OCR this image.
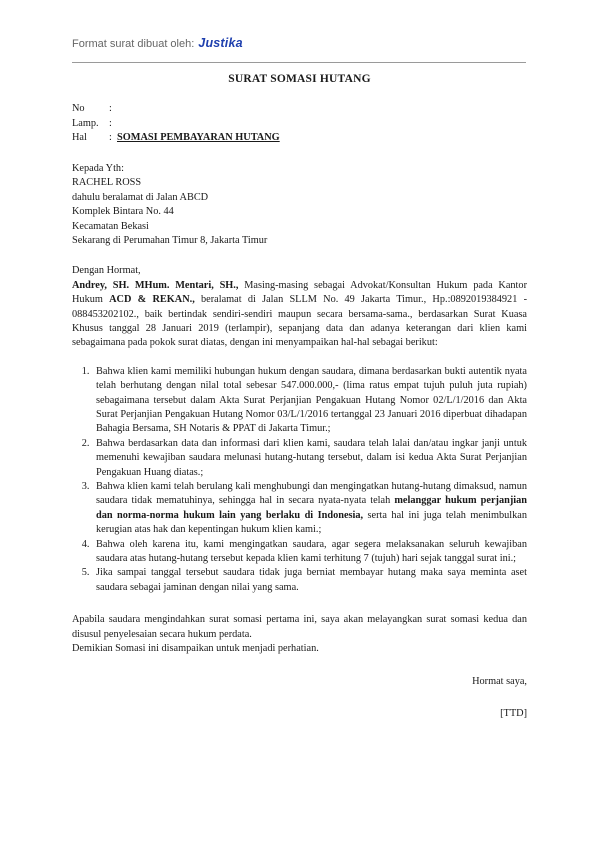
Format surat dibuat oleh: Justika
SURAT SOMASI HUTANG
No	:
Lamp.	:
Hal	: SOMASI PEMBAYARAN HUTANG
Kepada Yth:
RACHEL ROSS
dahulu beralamat di Jalan ABCD
Komplek Bintara No. 44
Kecamatan Bekasi
Sekarang di Perumahan Timur 8, Jakarta Timur
Dengan Hormat,

Andrey, SH. MHum. Mentari, SH., Masing-masing sebagai Advokat/Konsultan Hukum pada Kantor Hukum ACD & REKAN., beralamat di Jalan SLLM No. 49 Jakarta Timur., Hp.:0892019384921 - 088453202102., baik bertindak sendiri-sendiri maupun secara bersama-sama., berdasarkan Surat Kuasa Khusus tanggal 28 Januari 2019 (terlampir), sepanjang data dan adanya keterangan dari klien kami sebagaimana pada pokok surat diatas, dengan ini menyampaikan hal-hal sebagai berikut:

1. Bahwa klien kami memiliki hubungan hukum dengan saudara, dimana berdasarkan bukti autentik nyata telah berhutang dengan nilal total sebesar 547.000.000,- (lima ratus empat tujuh puluh juta rupiah) sebagaimana tersebut dalam Akta Surat Perjanjian Pengakuan Hutang Nomor 02/L/1/2016 dan Akta Surat Perjanjian Pengakuan Hutang Nomor 03/L/1/2016 tertanggal 23 Januari 2016 diperbuat dihadapan Bahagia Bersama, SH Notaris & PPAT di Jakarta Timur.;
2. Bahwa berdasarkan data dan informasi dari klien kami, saudara telah lalai dan/atau ingkar janji untuk memenuhi kewajiban saudara melunasi hutang-hutang tersebut, dalam isi kedua Akta Surat Perjanjian Pengakuan Huang diatas.;
3. Bahwa klien kami telah berulang kali menghubungi dan mengingatkan hutang-hutang dimaksud, namun saudara tidak mematuhinya, sehingga hal in secara nyata-nyata telah melanggar hukum perjanjian dan norma-norma hukum lain yang berlaku di Indonesia, serta hal ini juga telah menimbulkan kerugian atas hak dan kepentingan hukum klien kami.;
4. Bahwa oleh karena itu, kami mengingatkan saudara, agar segera melaksanakan seluruh kewajiban saudara atas hutang-hutang tersebut kepada klien kami terhitung 7 (tujuh) hari sejak tanggal surat ini.;
5. Jika sampai tanggal tersebut saudara tidak juga berniat membayar hutang maka saya meminta aset saudara sebagai jaminan dengan nilai yang sama.

Apabila saudara mengindahkan surat somasi pertama ini, saya akan melayangkan surat somasi kedua dan disusul penyelesaian secara hukum perdata.

Demikian Somasi ini disampaikan untuk menjadi perhatian.

Hormat saya,
[TTD]
